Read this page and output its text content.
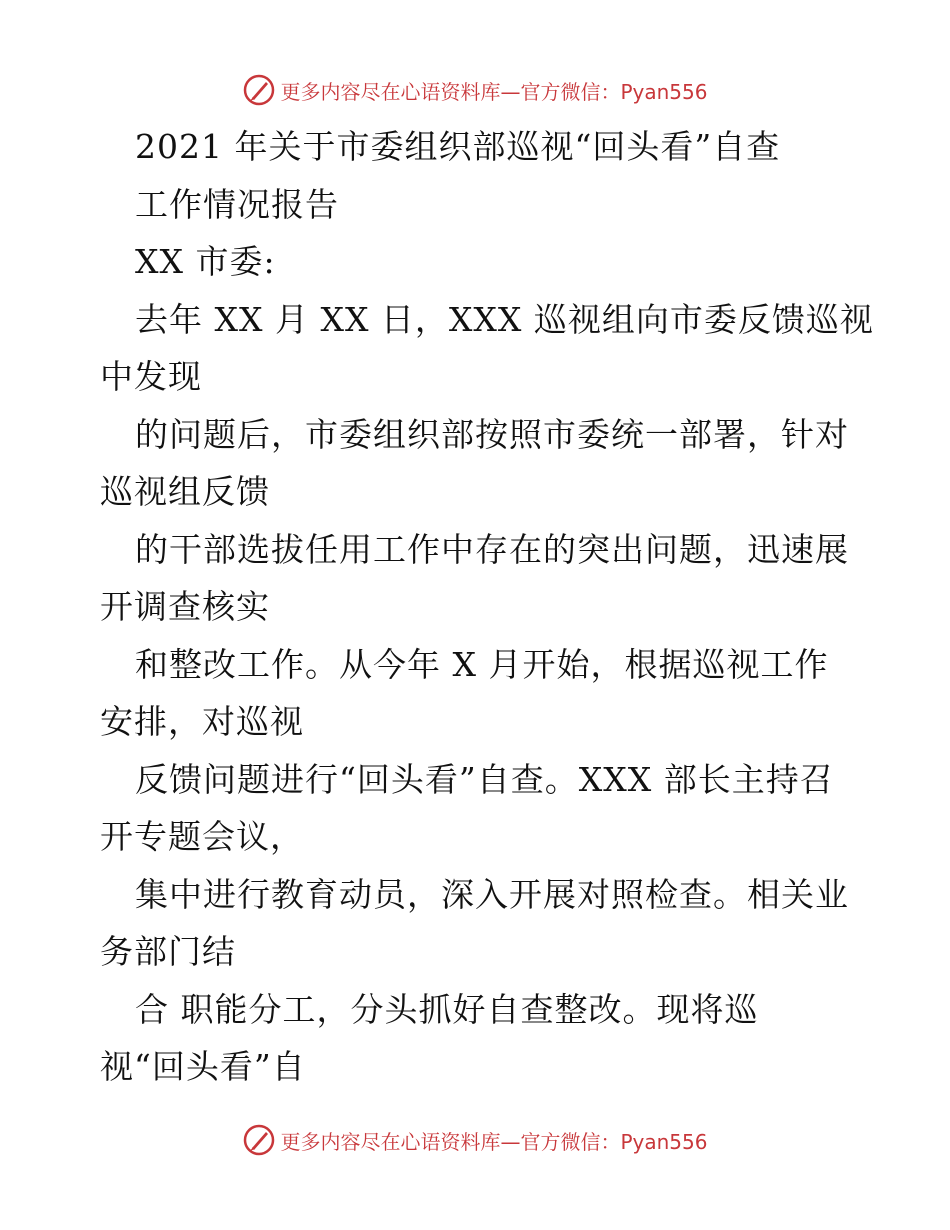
更多内容尽在心语资料库—官方微信：Pyan556
2021 年关于市委组织部巡视“回头看”自查
工作情况报告
XX 市委:
去年 XX 月 XX 日，XXX 巡视组向市委反馈巡视
中发现
的问题后，市委组织部按照市委统一部署，针对
巡视组反馈
的干部选拔任用工作中存在的突出问题，迅速展
开调查核实
和整改工作。从今年 X 月开始，根据巡视工作
安排，对巡视
反馈问题进行“回头看”自查。XXX 部长主持召
开专题会议，
集中进行教育动员，深入开展对照检查。相关业
务部门结
合 职能分工，分头抓好自查整改。现将巡
视“回头看”自
更多内容尽在心语资料库—官方微信：Pyan556
